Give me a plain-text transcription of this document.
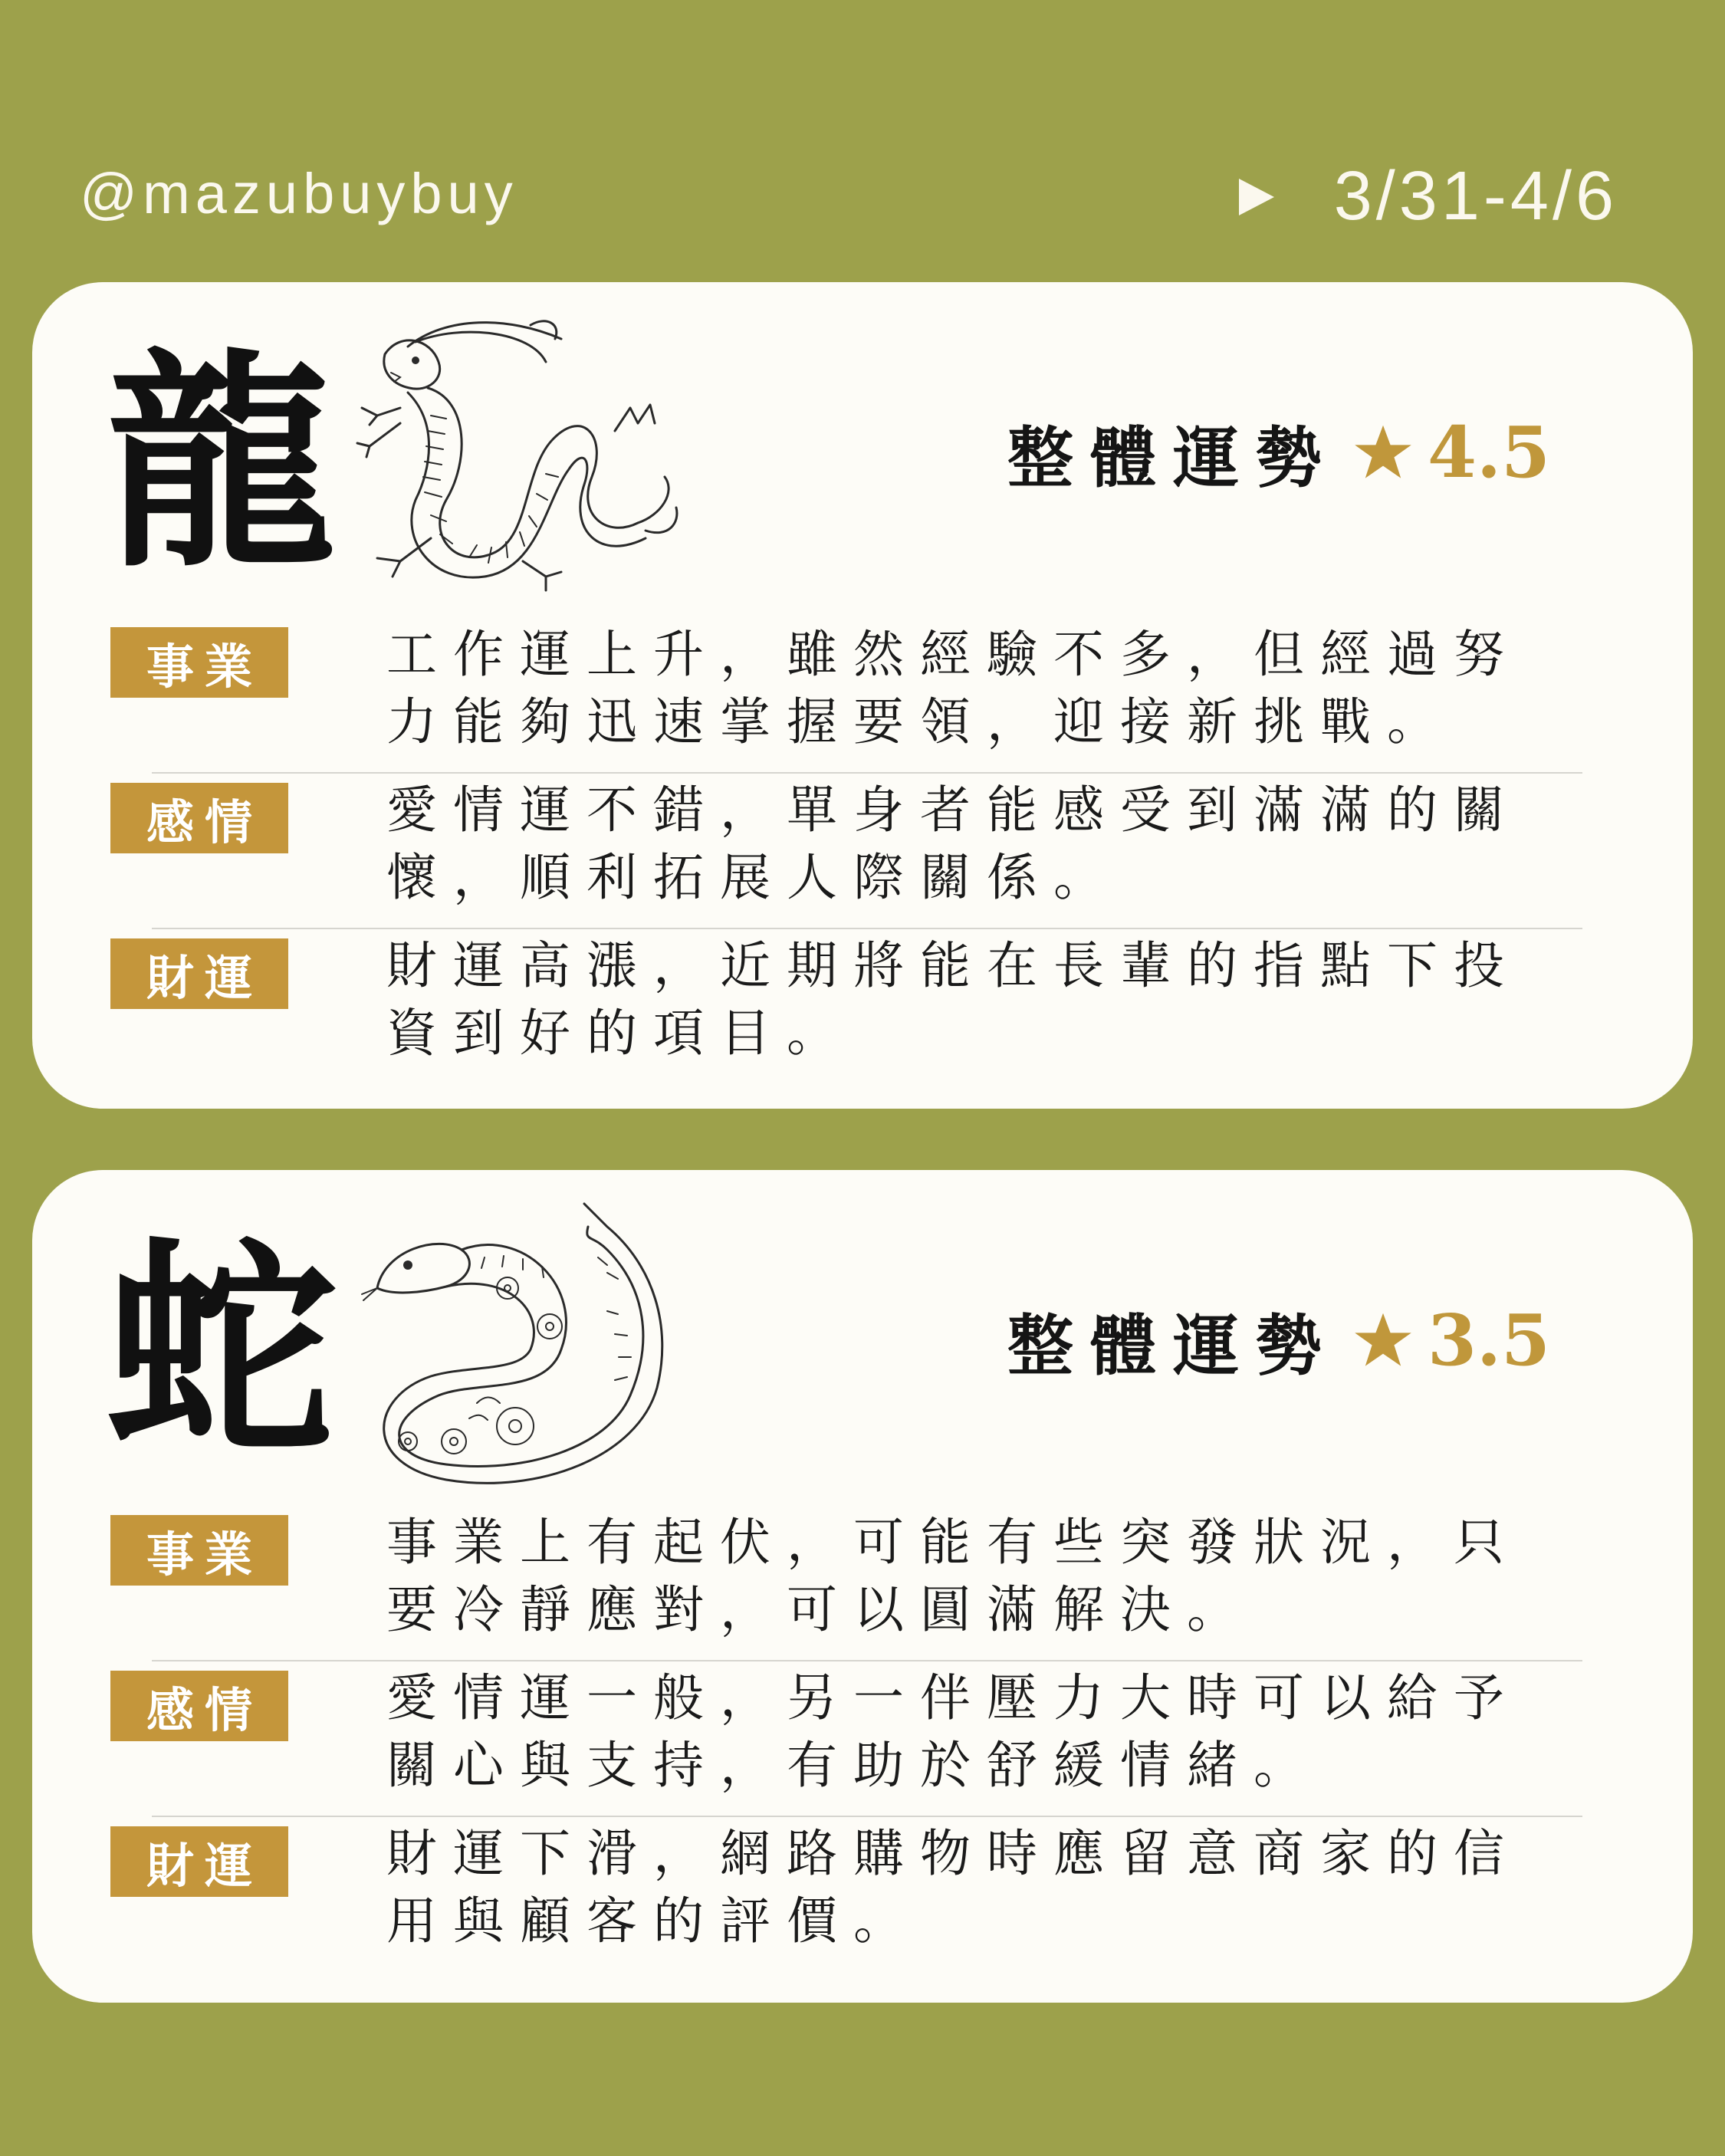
@mazubuybuy	3/31-4/6
龍	整體運勢 4.5
事業	工作運上升，雖然經驗不多，但經過努力能夠迅速掌握要領，迎接新挑戰。
感情	愛情運不錯，單身者能感受到滿滿的關懷，順利拓展人際關係。
財運	財運高漲，近期將能在長輩的指點下投資到好的項目。
蛇	整體運勢 3.5
事業	事業上有起伏，可能有些突發狀況，只要冷靜應對，可以圓滿解決。
感情	愛情運一般，另一伴壓力大時可以給予關心與支持，有助於舒緩情緒。
財運	財運下滑，網路購物時應留意商家的信用與顧客的評價。
